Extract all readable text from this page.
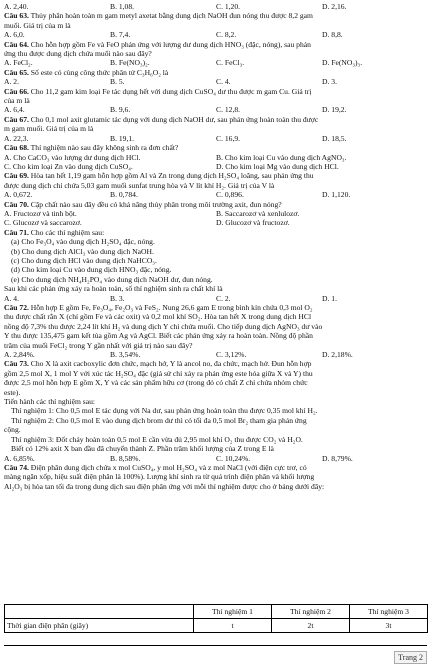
A. 2,40.	B. 1,08.	C. 1,20.	D. 2,16.
Câu 63. Thủy phân hoàn toàn m gam metyl axetat bằng dung dịch NaOH đun nóng thu được 8,2 gam
muối. Giá trị của m là
A. 6,0.	B. 7,4.	C. 8,2.	D. 8,8.
Câu 64. Cho hỗn hợp gồm Fe và FeO phản ứng với lượng dư dung dịch HNO₃ (đặc, nóng), sau phản
ứng thu được dung dịch chứa muối nào sau đây?
A. FeCl₂.	B. Fe(NO₃)₂.	C. FeCl₃.	D. Fe(NO₃)₃.
Câu 65. Số este có cùng công thức phân tử C₃H₆O₂ là
A. 2.	B. 5.	C. 4.	D. 3.
Câu 66. Cho 11,2 gam kim loại Fe tác dụng hết với dung dịch CuSO₄ dư thu được m gam Cu. Giá trị
của m là
A. 6,4.	B. 9,6.	C. 12,8.	D. 19,2.
Câu 67. Cho 0,1 mol axit glutamic tác dụng với dung dịch NaOH dư, sau phản ứng hoàn toàn thu được
m gam muối. Giá trị của m là
A. 22,3.	B. 19,1.	C. 16,9.	D. 18,5.
Câu 68. Thí nghiệm nào sau đây không sinh ra đơn chất?
A. Cho CaCO₃ vào lượng dư dung dịch HCl.	B. Cho kim loại Cu vào dung dịch AgNO₃.
C. Cho kim loại Zn vào dung dịch CuSO₄.	D. Cho kim loại Mg vào dung dịch HCl.
Câu 69. Hòa tan hết 1,19 gam hỗn hợp gồm Al và Zn trong dung dịch H₂SO₄ loãng, sau phản ứng thu
được dung dịch chỉ chứa 5,03 gam muối sunfat trung hòa và V lít khí H₂. Giá trị của V là
A. 0,672.	B. 0,784.	C. 0,896.	D. 1,120.
Câu 70. Cặp chất nào sau đây đều có khả năng thủy phân trong môi trường axit, đun nóng?
A. Fructozơ và tinh bột.	B. Saccarozơ và xenlulozơ.
C. Glucozơ và saccarozơ.	D. Glucozơ và fructozơ.
Câu 71. Cho các thí nghiệm sau:
(a) Cho Fe₃O₄ vào dung dịch H₂SO₄ đặc, nóng.
(b) Cho dung dịch AlCl₃ vào dung dịch NaOH.
(c) Cho dung dịch HCl vào dung dịch NaHCO₃.
(d) Cho kim loại Cu vào dung dịch HNO₃ đặc, nóng.
(e) Cho dung dịch NH₄H₂PO₄ vào dung dịch NaOH dư, đun nóng.
Sau khi các phản ứng xảy ra hoàn toàn, số thí nghiệm sinh ra chất khí là
A. 4.	B. 3.	C. 2.	D. 1.
Câu 72. Hỗn hợp E gồm Fe, Fe₃O₄, Fe₂O₃ và FeS₂. Nung 26,6 gam E trong bình kín chứa 0,3 mol O₂
thu được chất rắn X (chỉ gồm Fe và các oxit) và 0,2 mol khí SO₂. Hòa tan hết X trong dung dịch HCl
nồng độ 7,3% thu được 2,24 lít khí H₂ và dung dịch Y chỉ chứa muối. Cho tiếp dung dịch AgNO₃ dư vào
Y thu được 135,475 gam kết tủa gồm Ag và AgCl. Biết các phản ứng xảy ra hoàn toàn. Nồng độ phần
trăm của muối FeCl₂ trong Y gần nhất với giá trị nào sau đây?
A. 2,84%.	B. 3,54%.	C. 3,12%.	D. 2,18%.
Câu 73. Cho X là axit cacboxylic đơn chức, mạch hở, Y là ancol no, đa chức, mạch hở. Đun hỗn hợp
gồm 2,5 mol X, 1 mol Y với xúc tác H₂SO₄ đặc (giả sử chỉ xảy ra phản ứng este hóa giữa X và Y) thu
được 2,5 mol hỗn hợp E gồm X, Y và các sản phẩm hữu cơ (trong đó có chất Z chỉ chứa nhóm chức
este).
Tiến hành các thí nghiệm sau:
Thí nghiệm 1: Cho 0,5 mol E tác dụng với Na dư, sau phản ứng hoàn toàn thu được 0,35 mol khí H₂.
Thí nghiệm 2: Cho 0,5 mol E vào dung dịch brom dư thì có tối đa 0,5 mol Br₂ tham gia phản ứng
cộng.
Thí nghiệm 3: Đốt cháy hoàn toàn 0,5 mol E cần vừa đủ 2,95 mol khí O₂ thu được CO₂ và H₂O.
Biết có 12% axit X ban đầu đã chuyển thành Z. Phần trăm khối lượng của Z trong E là
A. 6,85%.	B. 8,58%.	C. 10,24%.	D. 8,79%.
Câu 74. Điện phân dung dịch chứa x mol CuSO₄, y mol H₂SO₄ và z mol NaCl (với điện cực trơ, có
màng ngăn xốp, hiệu suất điện phân là 100%). Lượng khí sinh ra từ quá trình điện phân và khối lượng
Al₂O₃ bị hòa tan tối đa trong dung dịch sau điện phân ứng với mỗi thí nghiệm được cho ở bảng dưới đây:
	Thí nghiệm 1	Thí nghiệm 2	Thí nghiệm 3
Thời gian điện phân (giây)	t	2t	3t
Trang 2
